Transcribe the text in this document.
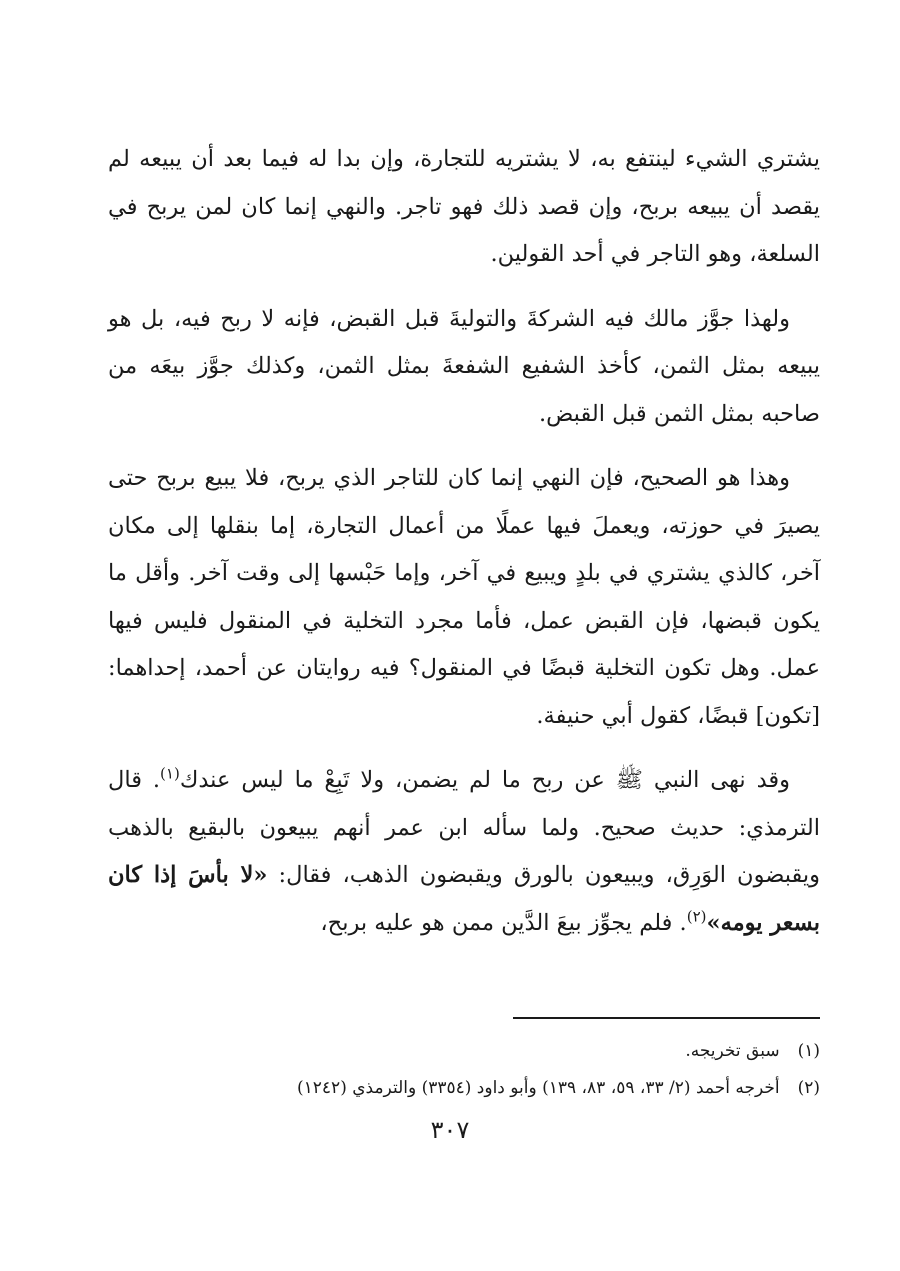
يشتري الشيء لينتفع به، لا يشتريه للتجارة، وإن بدا له فيما بعد أن يبيعه لم يقصد أن يبيعه بربح، وإن قصد ذلك فهو تاجر. والنهي إنما كان لمن يربح في السلعة، وهو التاجر في أحد القولين.

ولهذا جوَّز مالك فيه الشركةَ والتوليةَ قبل القبض، فإنه لا ربح فيه، بل هو يبيعه بمثل الثمن، كأخذ الشفيع الشفعةَ بمثل الثمن، وكذلك جوَّز بيعَه من صاحبه بمثل الثمن قبل القبض.

وهذا هو الصحيح، فإن النهي إنما كان للتاجر الذي يربح، فلا يبيع بربح حتى يصيرَ في حوزته، ويعملَ فيها عملًا من أعمال التجارة، إما بنقلها إلى مكان آخر، كالذي يشتري في بلدٍ ويبيع في آخر، وإما حَبْسها إلى وقت آخر. وأقل ما يكون قبضها، فإن القبض عمل، فأما مجرد التخلية في المنقول فليس فيها عمل. وهل تكون التخلية قبضًا في المنقول؟ فيه روايتان عن أحمد، إحداهما: [تكون] قبضًا، كقول أبي حنيفة.

وقد نهى النبي ﷺ عن ربح ما لم يضمن، ولا تَبِعْ ما ليس عندك$^{(١)}$. قال الترمذي: حديث صحيح. ولما سأله ابن عمر أنهم يبيعون بالبقيع بالذهب ويقبضون الوَرِق، ويبيعون بالورق ويقبضون الذهب، فقال: «لا بأسَ إذا كان بسعر يومه»$^{(٢)}$. فلم يجوِّز بيعَ الدَّين ممن هو عليه بربح،

(١)سبق تخريجه.

(٢)أخرجه أحمد (٢/ ٣٣، ٥٩، ٨٣، ١٣٩) وأبو داود (٣٣٥٤) والترمذي (١٢٤٢)

٣٠٧
